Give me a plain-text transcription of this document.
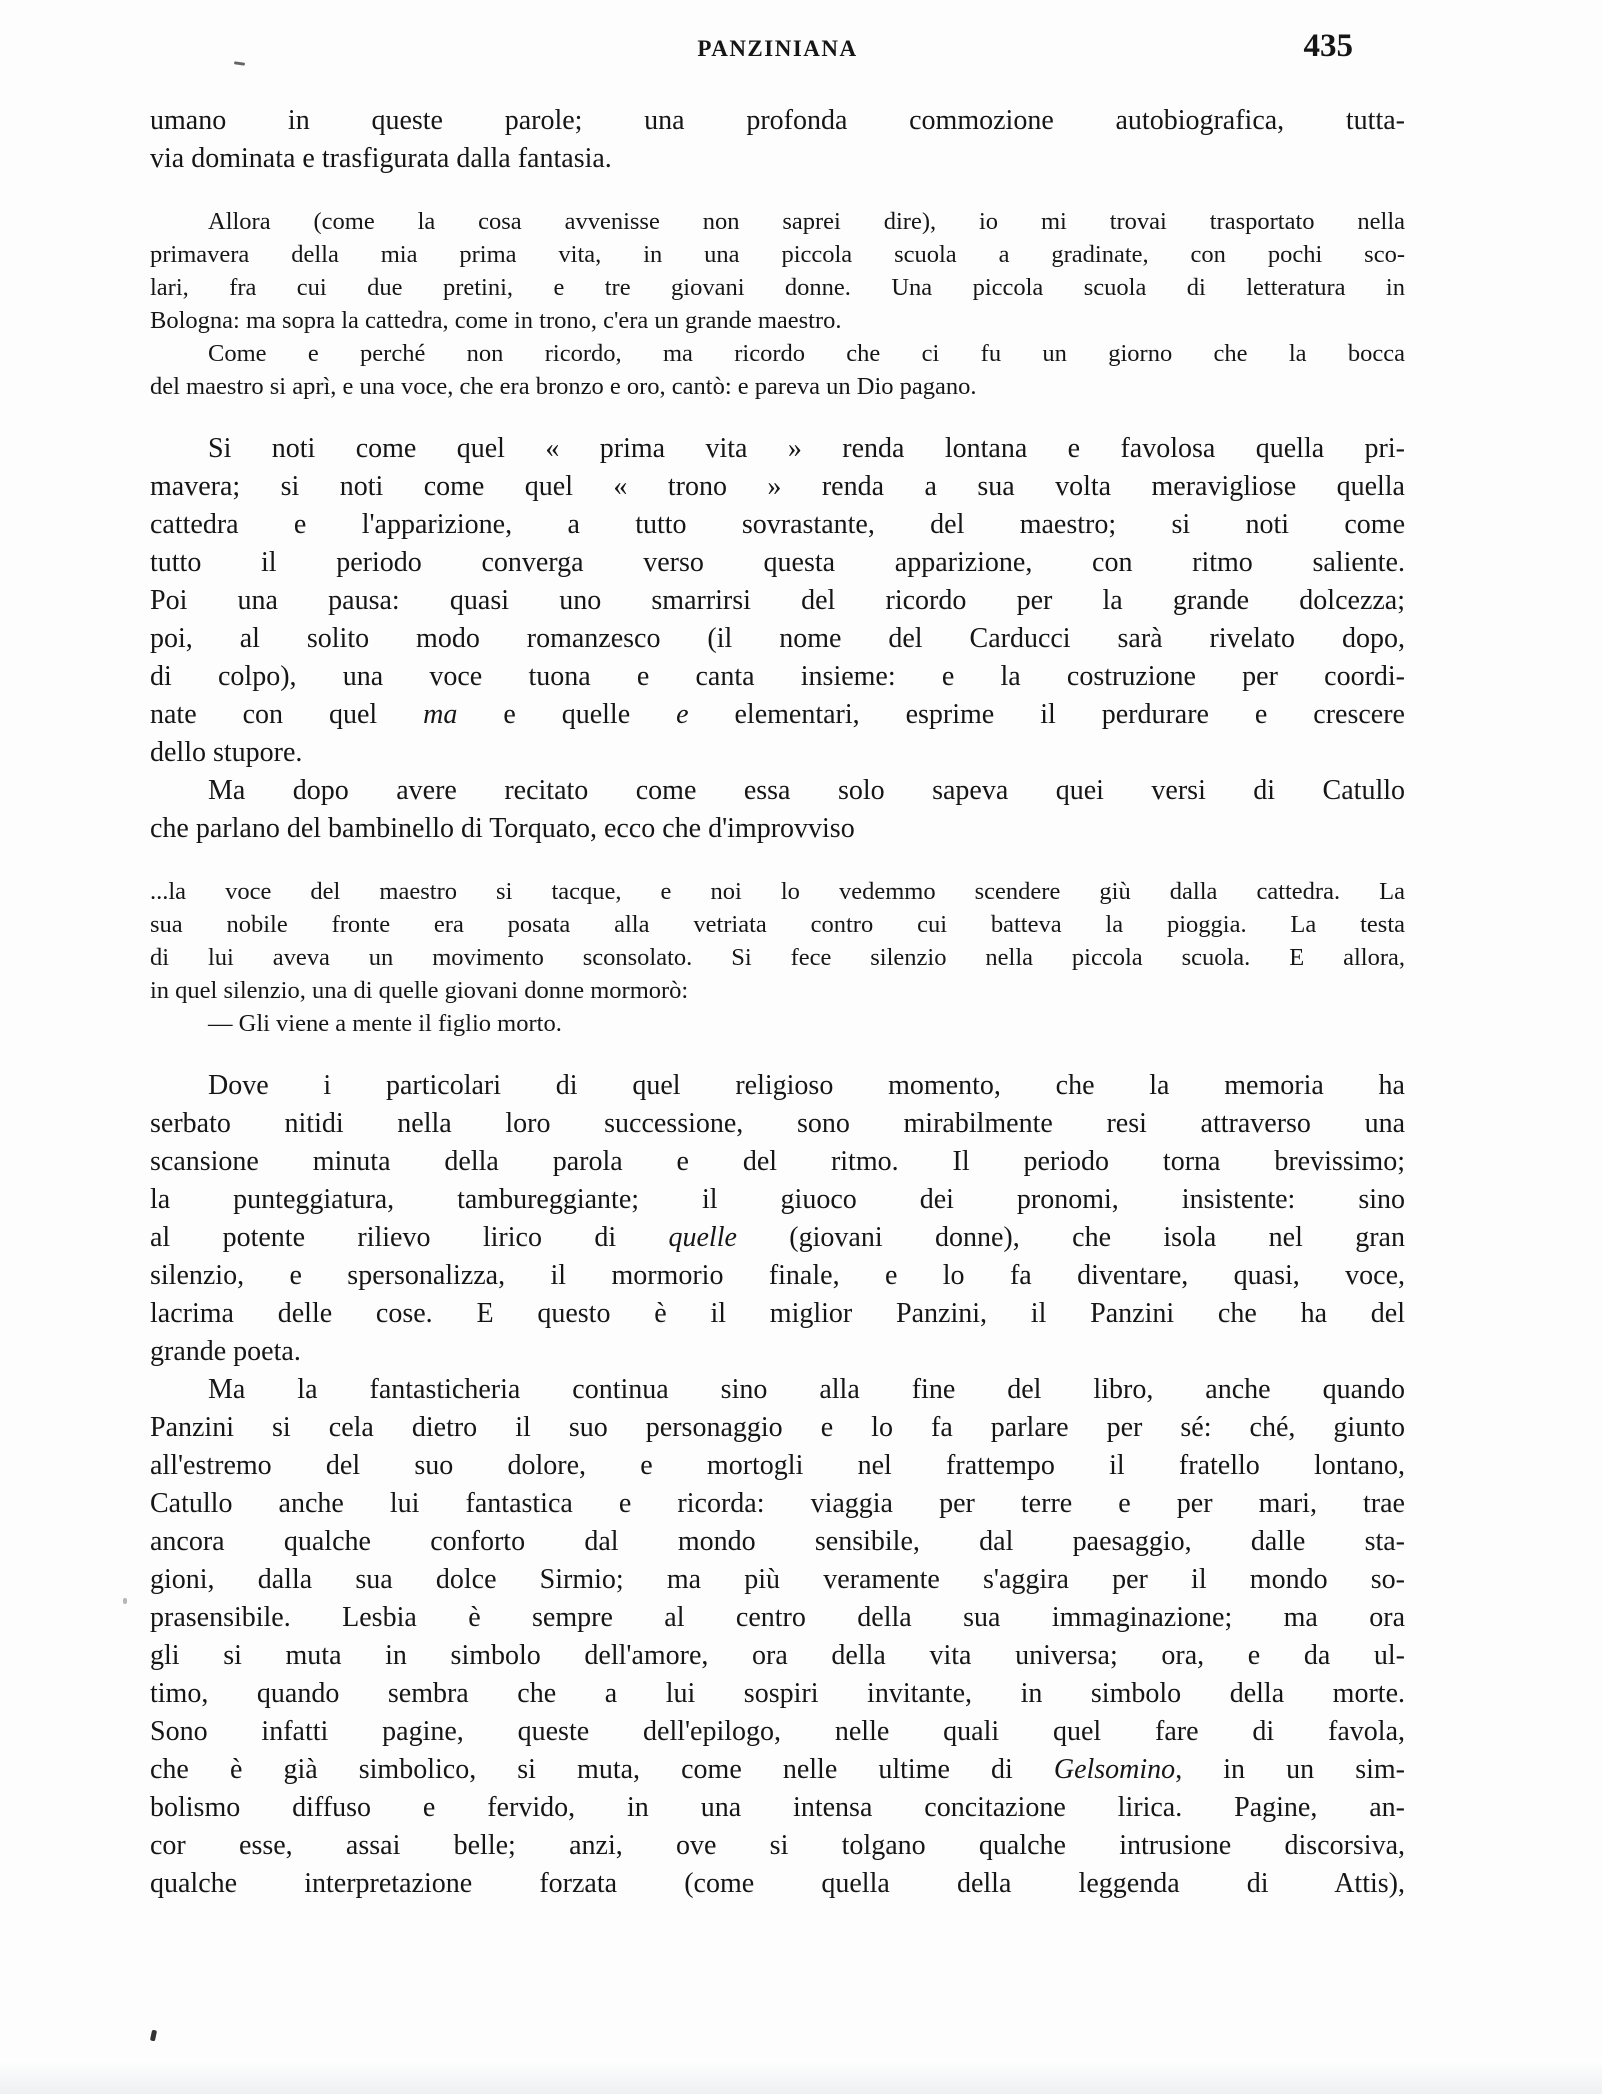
PANZINIANA	435

umano in queste parole; una profonda commozione autobiografica, tutta-
via dominata e trasfigurata dalla fantasia.

Allora (come la cosa avvenisse non saprei dire), io mi trovai trasportato nella
primavera della mia prima vita, in una piccola scuola a gradinate, con pochi sco-
lari, fra cui due pretini, e tre giovani donne. Una piccola scuola di letteratura in
Bologna: ma sopra la cattedra, come in trono, c'era un grande maestro.

Come e perché non ricordo, ma ricordo che ci fu un giorno che la bocca
del maestro si aprì, e una voce, che era bronzo e oro, cantò: e pareva un Dio pagano.

Si noti come quel « prima vita » renda lontana e favolosa quella pri-
mavera; si noti come quel « trono » renda a sua volta meravigliose quella
cattedra e l'apparizione, a tutto sovrastante, del maestro; si noti come
tutto il periodo converga verso questa apparizione, con ritmo saliente.
Poi una pausa: quasi uno smarrirsi del ricordo per la grande dolcezza;
poi, al solito modo romanzesco (il nome del Carducci sarà rivelato dopo,
di colpo), una voce tuona e canta insieme: e la costruzione per coordi-
nate con quel ma e quelle e elementari, esprime il perdurare e crescere
dello stupore.

Ma dopo avere recitato come essa solo sapeva quei versi di Catullo
che parlano del bambinello di Torquato, ecco che d'improvviso

...la voce del maestro si tacque, e noi lo vedemmo scendere giù dalla cattedra. La
sua nobile fronte era posata alla vetriata contro cui batteva la pioggia. La testa
di lui aveva un movimento sconsolato. Si fece silenzio nella piccola scuola. E allora,
in quel silenzio, una di quelle giovani donne mormorò:

— Gli viene a mente il figlio morto.

Dove i particolari di quel religioso momento, che la memoria ha
serbato nitidi nella loro successione, sono mirabilmente resi attraverso una
scansione minuta della parola e del ritmo. Il periodo torna brevissimo;
la punteggiatura, tambureggiante; il giuoco dei pronomi, insistente: sino
al potente rilievo lirico di quelle (giovani donne), che isola nel gran
silenzio, e spersonalizza, il mormorio finale, e lo fa diventare, quasi, voce,
lacrima delle cose. E questo è il miglior Panzini, il Panzini che ha del
grande poeta.

Ma la fantasticheria continua sino alla fine del libro, anche quando
Panzini si cela dietro il suo personaggio e lo fa parlare per sé: ché, giunto
all'estremo del suo dolore, e mortogli nel frattempo il fratello lontano,
Catullo anche lui fantastica e ricorda: viaggia per terre e per mari, trae
ancora qualche conforto dal mondo sensibile, dal paesaggio, dalle sta-
gioni, dalla sua dolce Sirmio; ma più veramente s'aggira per il mondo so-
prasensibile. Lesbia è sempre al centro della sua immaginazione; ma ora
gli si muta in simbolo dell'amore, ora della vita universa; ora, e da ul-
timo, quando sembra che a lui sospiri invitante, in simbolo della morte.
Sono infatti pagine, queste dell'epilogo, nelle quali quel fare di favola,
che è già simbolico, si muta, come nelle ultime di Gelsomino, in un sim-
bolismo diffuso e fervido, in una intensa concitazione lirica. Pagine, an-
cor esse, assai belle; anzi, ove si tolgano qualche intrusione discorsiva,
qualche interpretazione forzata (come quella della leggenda di Attis),
